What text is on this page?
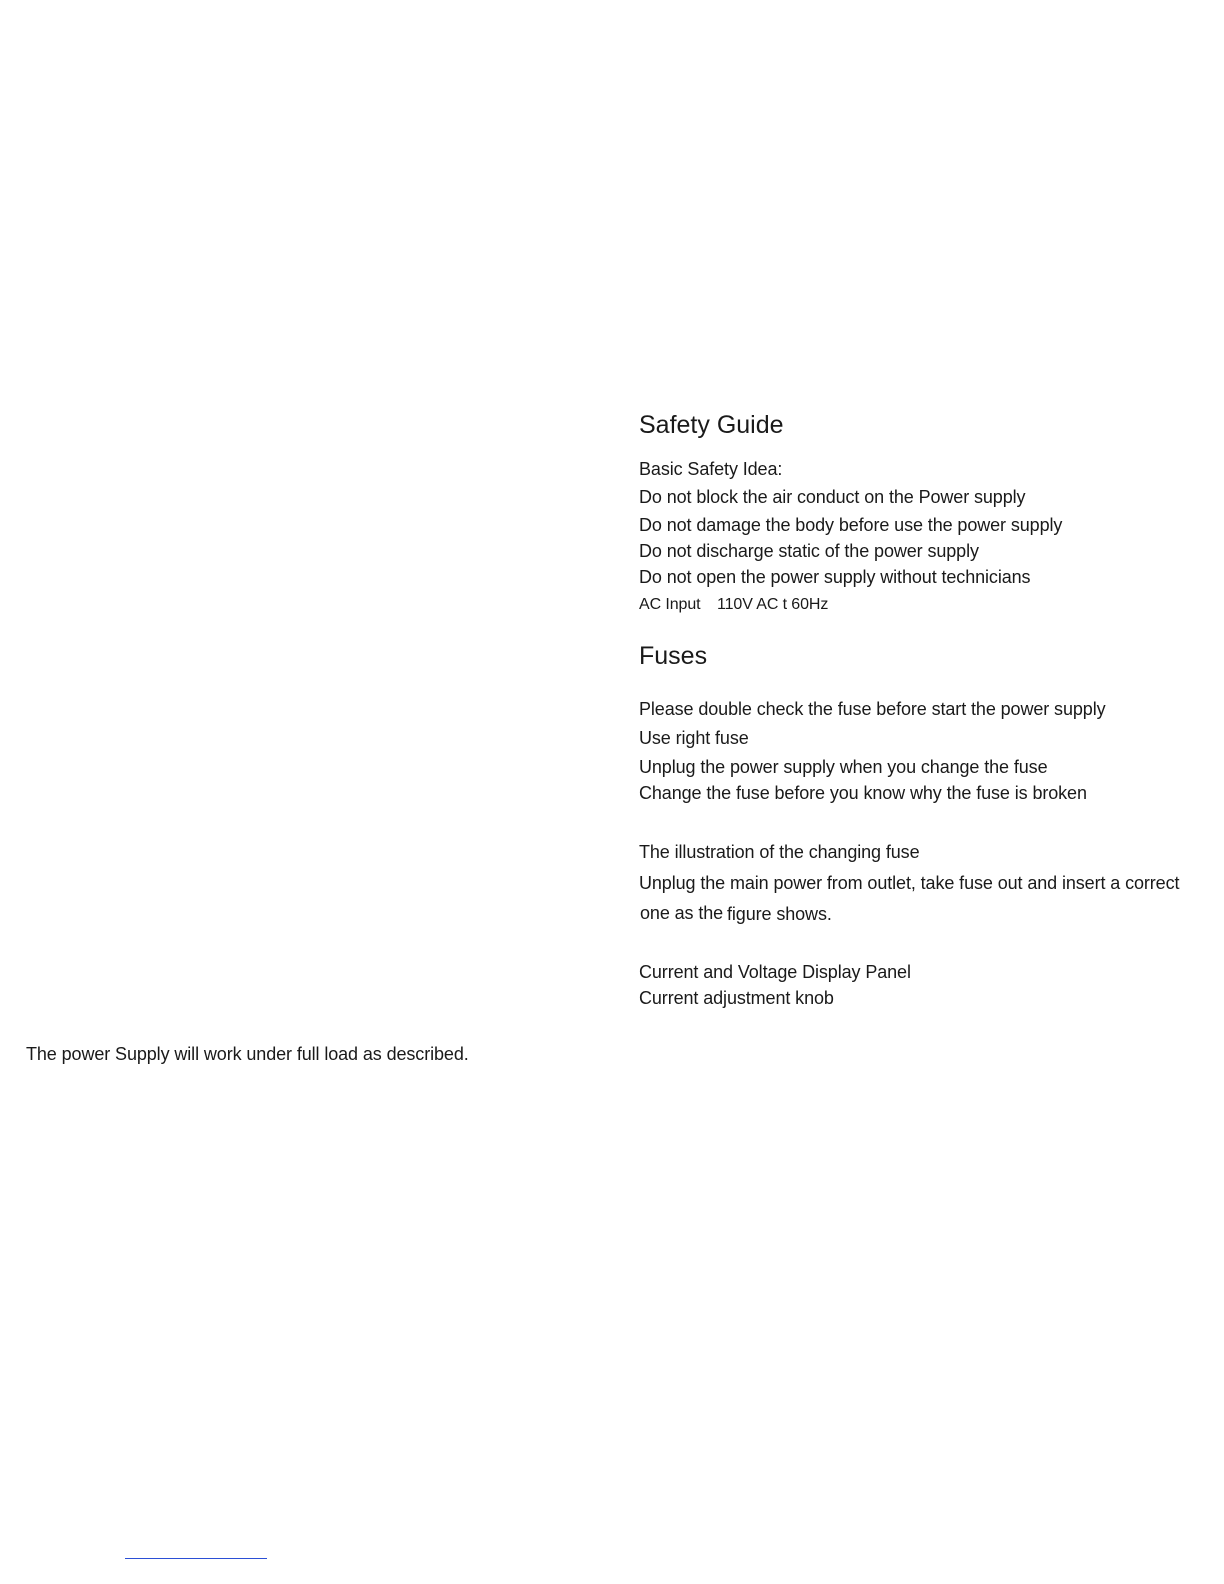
Safety Guide
Basic Safety Idea:
Do not block the air conduct on the Power supply
Do not damage the body before use the power supply
Do not discharge static of the power supply
Do not open the power supply without technicians
AC Input 110V AC t 60Hz
Fuses
Please double check the fuse before start the power supply
Use right fuse
Unplug the power supply when you change the fuse
Change the fuse before you know why the fuse is broken
The illustration of the changing fuse
Unplug the main power from outlet, take fuse out and insert a correct
one as the figure shows.
Current and Voltage Display Panel
Current adjustment knob
The power Supply will work under full load as described.
